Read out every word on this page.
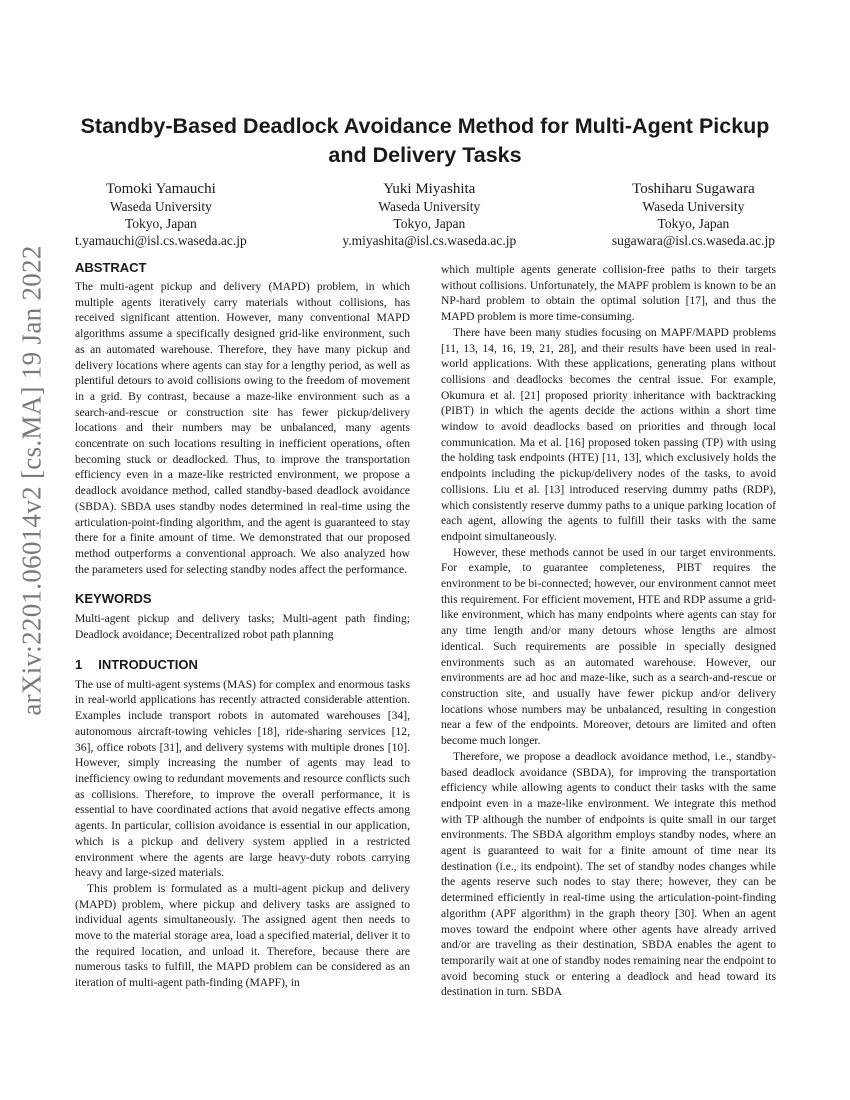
arXiv:2201.06014v2 [cs.MA] 19 Jan 2022
Standby-Based Deadlock Avoidance Method for Multi-Agent Pickup and Delivery Tasks
Tomoki Yamauchi
Waseda University
Tokyo, Japan
t.yamauchi@isl.cs.waseda.ac.jp
Yuki Miyashita
Waseda University
Tokyo, Japan
y.miyashita@isl.cs.waseda.ac.jp
Toshiharu Sugawara
Waseda University
Tokyo, Japan
sugawara@isl.cs.waseda.ac.jp
ABSTRACT

The multi-agent pickup and delivery (MAPD) problem, in which multiple agents iteratively carry materials without collisions, has received significant attention. However, many conventional MAPD algorithms assume a specifically designed grid-like environment, such as an automated warehouse. Therefore, they have many pickup and delivery locations where agents can stay for a lengthy period, as well as plentiful detours to avoid collisions owing to the freedom of movement in a grid. By contrast, because a maze-like environment such as a search-and-rescue or construction site has fewer pickup/delivery locations and their numbers may be unbalanced, many agents concentrate on such locations resulting in inefficient operations, often becoming stuck or deadlocked. Thus, to improve the transportation efficiency even in a maze-like restricted environment, we propose a deadlock avoidance method, called standby-based deadlock avoidance (SBDA). SBDA uses standby nodes determined in real-time using the articulation-point-finding algorithm, and the agent is guaranteed to stay there for a finite amount of time. We demonstrated that our proposed method outperforms a conventional approach. We also analyzed how the parameters used for selecting standby nodes affect the performance.

KEYWORDS

Multi-agent pickup and delivery tasks; Multi-agent path finding; Deadlock avoidance; Decentralized robot path planning

1 INTRODUCTION

The use of multi-agent systems (MAS) for complex and enormous tasks in real-world applications has recently attracted considerable attention. Examples include transport robots in automated warehouses [34], autonomous aircraft-towing vehicles [18], ride-sharing services [12, 36], office robots [31], and delivery systems with multiple drones [10]. However, simply increasing the number of agents may lead to inefficiency owing to redundant movements and resource conflicts such as collisions. Therefore, to improve the overall performance, it is essential to have coordinated actions that avoid negative effects among agents. In particular, collision avoidance is essential in our application, which is a pickup and delivery system applied in a restricted environment where the agents are large heavy-duty robots carrying heavy and large-sized materials.

This problem is formulated as a multi-agent pickup and delivery (MAPD) problem, where pickup and delivery tasks are assigned to individual agents simultaneously. The assigned agent then needs to move to the material storage area, load a specified material, deliver it to the required location, and unload it. Therefore, because there are numerous tasks to fulfill, the MAPD problem can be considered as an iteration of multi-agent path-finding (MAPF), in

which multiple agents generate collision-free paths to their targets without collisions. Unfortunately, the MAPF problem is known to be an NP-hard problem to obtain the optimal solution [17], and thus the MAPD problem is more time-consuming.

There have been many studies focusing on MAPF/MAPD problems [11, 13, 14, 16, 19, 21, 28], and their results have been used in real-world applications. With these applications, generating plans without collisions and deadlocks becomes the central issue. For example, Okumura et al. [21] proposed priority inheritance with backtracking (PIBT) in which the agents decide the actions within a short time window to avoid deadlocks based on priorities and through local communication. Ma et al. [16] proposed token passing (TP) with using the holding task endpoints (HTE) [11, 13], which exclusively holds the endpoints including the pickup/delivery nodes of the tasks, to avoid collisions. Liu et al. [13] introduced reserving dummy paths (RDP), which consistently reserve dummy paths to a unique parking location of each agent, allowing the agents to fulfill their tasks with the same endpoint simultaneously.

However, these methods cannot be used in our target environments. For example, to guarantee completeness, PIBT requires the environment to be bi-connected; however, our environment cannot meet this requirement. For efficient movement, HTE and RDP assume a grid-like environment, which has many endpoints where agents can stay for any time length and/or many detours whose lengths are almost identical. Such requirements are possible in specially designed environments such as an automated warehouse. However, our environments are ad hoc and maze-like, such as a search-and-rescue or construction site, and usually have fewer pickup and/or delivery locations whose numbers may be unbalanced, resulting in congestion near a few of the endpoints. Moreover, detours are limited and often become much longer.

Therefore, we propose a deadlock avoidance method, i.e., standby-based deadlock avoidance (SBDA), for improving the transportation efficiency while allowing agents to conduct their tasks with the same endpoint even in a maze-like environment. We integrate this method with TP although the number of endpoints is quite small in our target environments. The SBDA algorithm employs standby nodes, where an agent is guaranteed to wait for a finite amount of time near its destination (i.e., its endpoint). The set of standby nodes changes while the agents reserve such nodes to stay there; however, they can be determined efficiently in real-time using the articulation-point-finding algorithm (APF algorithm) in the graph theory [30]. When an agent moves toward the endpoint where other agents have already arrived and/or are traveling as their destination, SBDA enables the agent to temporarily wait at one of standby nodes remaining near the endpoint to avoid becoming stuck or entering a deadlock and head toward its destination in turn. SBDA
